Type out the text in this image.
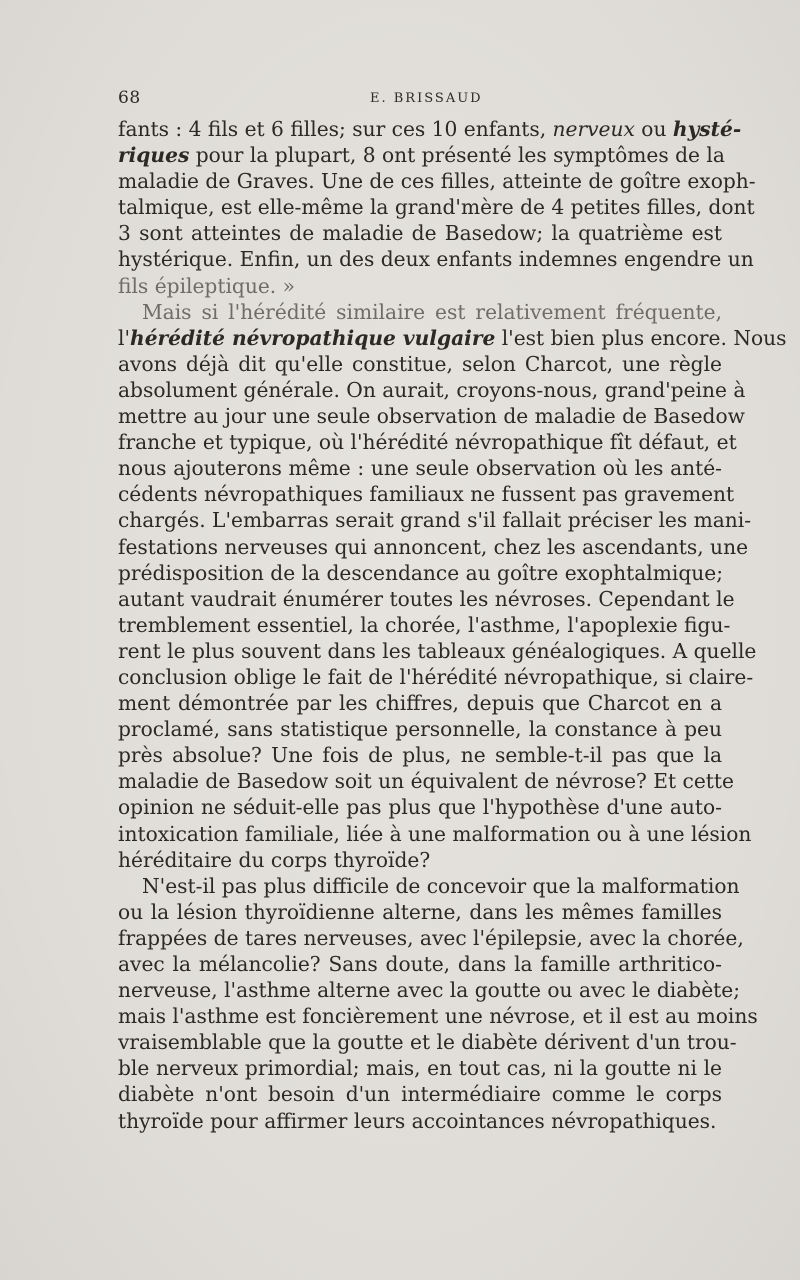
68	E. BRISSAUD
fants : 4 fils et 6 filles; sur ces 10 enfants, nerveux ou hysté-
riques pour la plupart, 8 ont présenté les symptômes de la
maladie de Graves. Une de ces filles, atteinte de goître exoph-
talmique, est elle-même la grand'mère de 4 petites filles, dont
3 sont atteintes de maladie de Basedow; la quatrième est
hystérique. Enfin, un des deux enfants indemnes engendre un
fils épileptique. »
Mais si l'hérédité similaire est relativement fréquente,
l'hérédité névropathique vulgaire l'est bien plus encore. Nous
avons déjà dit qu'elle constitue, selon Charcot, une règle
absolument générale. On aurait, croyons-nous, grand'peine à
mettre au jour une seule observation de maladie de Basedow
franche et typique, où l'hérédité névropathique fît défaut, et
nous ajouterons même : une seule observation où les anté-
cédents névropathiques familiaux ne fussent pas gravement
chargés. L'embarras serait grand s'il fallait préciser les mani-
festations nerveuses qui annoncent, chez les ascendants, une
prédisposition de la descendance au goître exophtalmique;
autant vaudrait énumérer toutes les névroses. Cependant le
tremblement essentiel, la chorée, l'asthme, l'apoplexie figu-
rent le plus souvent dans les tableaux généalogiques. A quelle
conclusion oblige le fait de l'hérédité névropathique, si claire-
ment démontrée par les chiffres, depuis que Charcot en a
proclamé, sans statistique personnelle, la constance à peu
près absolue? Une fois de plus, ne semble-t-il pas que la
maladie de Basedow soit un équivalent de névrose? Et cette
opinion ne séduit-elle pas plus que l'hypothèse d'une auto-
intoxication familiale, liée à une malformation ou à une lésion
héréditaire du corps thyroïde?
N'est-il pas plus difficile de concevoir que la malformation
ou la lésion thyroïdienne alterne, dans les mêmes familles
frappées de tares nerveuses, avec l'épilepsie, avec la chorée,
avec la mélancolie? Sans doute, dans la famille arthritico-
nerveuse, l'asthme alterne avec la goutte ou avec le diabète;
mais l'asthme est foncièrement une névrose, et il est au moins
vraisemblable que la goutte et le diabète dérivent d'un trou-
ble nerveux primordial; mais, en tout cas, ni la goutte ni le
diabète n'ont besoin d'un intermédiaire comme le corps
thyroïde pour affirmer leurs accointances névropathiques.
